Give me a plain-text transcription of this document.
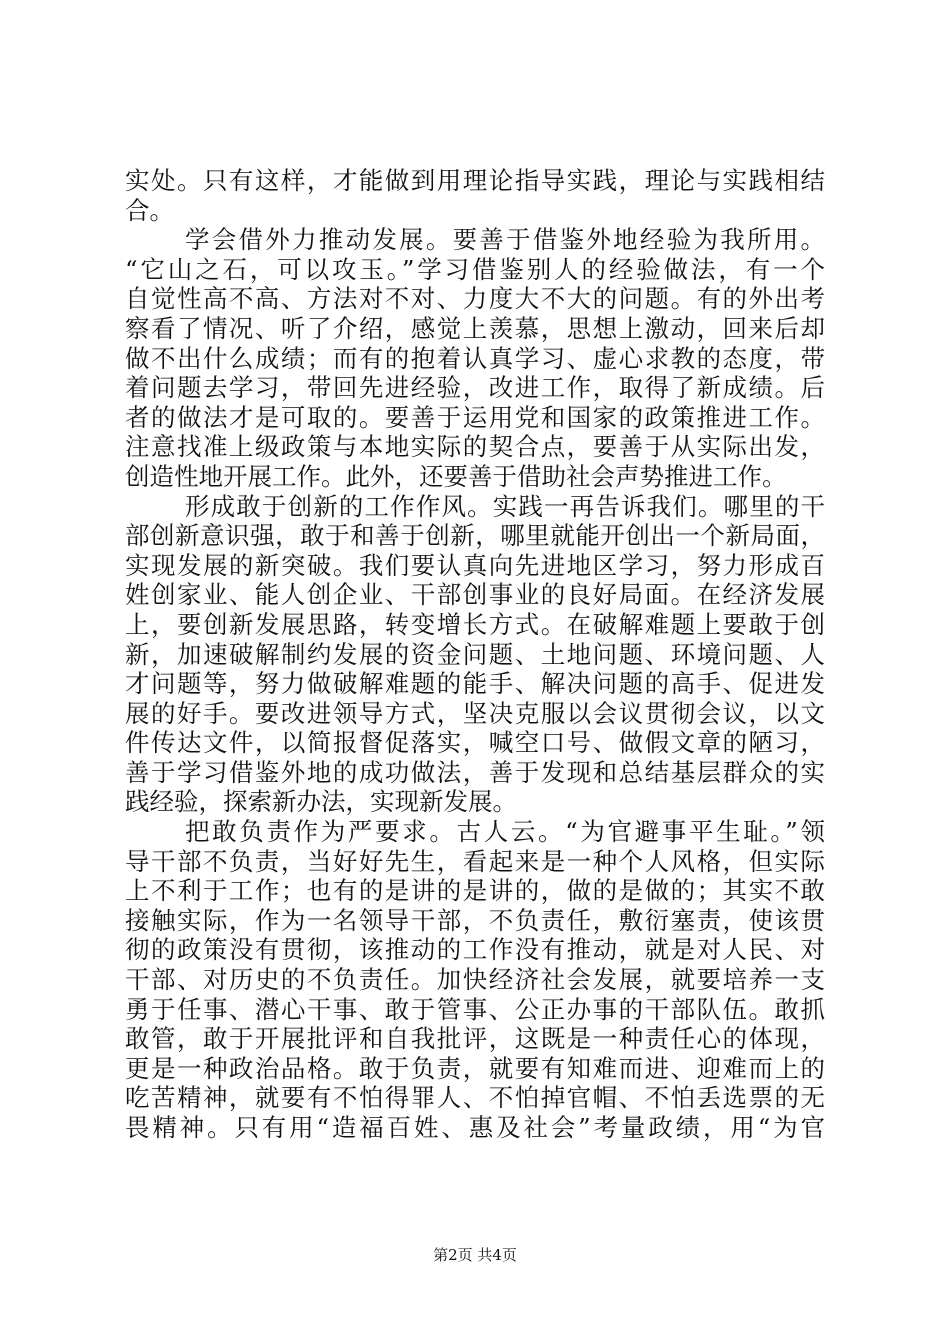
实处。只有这样，才能做到用理论指导实践，理论与实践相结
合。
学会借外力推动发展。要善于借鉴外地经验为我所用。
“它山之石，可以攻玉。”学习借鉴别人的经验做法，有一个
自觉性高不高、方法对不对、力度大不大的问题。有的外出考
察看了情况、听了介绍，感觉上羡慕，思想上激动，回来后却
做不出什么成绩；而有的抱着认真学习、虚心求教的态度，带
着问题去学习，带回先进经验，改进工作，取得了新成绩。后
者的做法才是可取的。要善于运用党和国家的政策推进工作。
注意找准上级政策与本地实际的契合点，要善于从实际出发，
创造性地开展工作。此外，还要善于借助社会声势推进工作。
形成敢于创新的工作作风。实践一再告诉我们。哪里的干
部创新意识强，敢于和善于创新，哪里就能开创出一个新局面，
实现发展的新突破。我们要认真向先进地区学习，努力形成百
姓创家业、能人创企业、干部创事业的良好局面。在经济发展
上，要创新发展思路，转变增长方式。在破解难题上要敢于创
新，加速破解制约发展的资金问题、土地问题、环境问题、人
才问题等，努力做破解难题的能手、解决问题的高手、促进发
展的好手。要改进领导方式，坚决克服以会议贯彻会议，以文
件传达文件，以简报督促落实，喊空口号、做假文章的陋习，
善于学习借鉴外地的成功做法，善于发现和总结基层群众的实
践经验，探索新办法，实现新发展。
把敢负责作为严要求。古人云。“为官避事平生耻。”领
导干部不负责，当好好先生，看起来是一种个人风格，但实际
上不利于工作；也有的是讲的是讲的，做的是做的；其实不敢
接触实际，作为一名领导干部，不负责任，敷衍塞责，使该贯
彻的政策没有贯彻，该推动的工作没有推动，就是对人民、对
干部、对历史的不负责任。加快经济社会发展，就要培养一支
勇于任事、潜心干事、敢于管事、公正办事的干部队伍。敢抓
敢管，敢于开展批评和自我批评，这既是一种责任心的体现，
更是一种政治品格。敢于负责，就要有知难而进、迎难而上的
吃苦精神，就要有不怕得罪人、不怕掉官帽、不怕丢选票的无
畏精神。只有用“造福百姓、惠及社会”考量政绩，用“为官
第2页 共4页
